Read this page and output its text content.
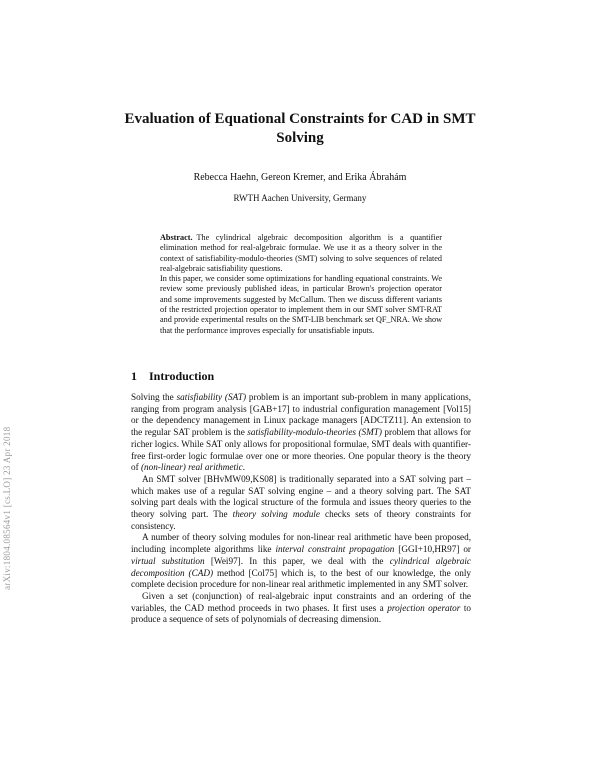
arXiv:1804.08564v1 [cs.LO] 23 Apr 2018
Evaluation of Equational Constraints for CAD in SMT Solving
Rebecca Haehn, Gereon Kremer, and Erika Ábrahám
RWTH Aachen University, Germany

Abstract. The cylindrical algebraic decomposition algorithm is a quantifier elimination method for real-algebraic formulae. We use it as a theory solver in the context of satisfiability-modulo-theories (SMT) solving to solve sequences of related real-algebraic satisfiability questions.

In this paper, we consider some optimizations for handling equational constraints. We review some previously published ideas, in particular Brown's projection operator and some improvements suggested by McCallum. Then we discuss different variants of the restricted projection operator to implement them in our SMT solver SMT-RAT and provide experimental results on the SMT-LIB benchmark set QF_NRA. We show that the performance improves especially for unsatisfiable inputs.

1 Introduction

Solving the satisfiability (SAT) problem is an important sub-problem in many applications, ranging from program analysis [GAB+17] to industrial configuration management [Vol15] or the dependency management in Linux package managers [ADCTZ11]. An extension to the regular SAT problem is the satisfiability-modulo-theories (SMT) problem that allows for richer logics. While SAT only allows for propositional formulae, SMT deals with quantifier-free first-order logic formulae over one or more theories. One popular theory is the theory of (non-linear) real arithmetic.

An SMT solver [BHvMW09,KS08] is traditionally separated into a SAT solving part – which makes use of a regular SAT solving engine – and a theory solving part. The SAT solving part deals with the logical structure of the formula and issues theory queries to the theory solving part. The theory solving module checks sets of theory constraints for consistency.

A number of theory solving modules for non-linear real arithmetic have been proposed, including incomplete algorithms like interval constraint propagation [GGI+10,HR97] or virtual substitution [Wei97]. In this paper, we deal with the cylindrical algebraic decomposition (CAD) method [Col75] which is, to the best of our knowledge, the only complete decision procedure for non-linear real arithmetic implemented in any SMT solver.

Given a set (conjunction) of real-algebraic input constraints and an ordering of the variables, the CAD method proceeds in two phases. It first uses a projection operator to produce a sequence of sets of polynomials of decreasing dimension.
